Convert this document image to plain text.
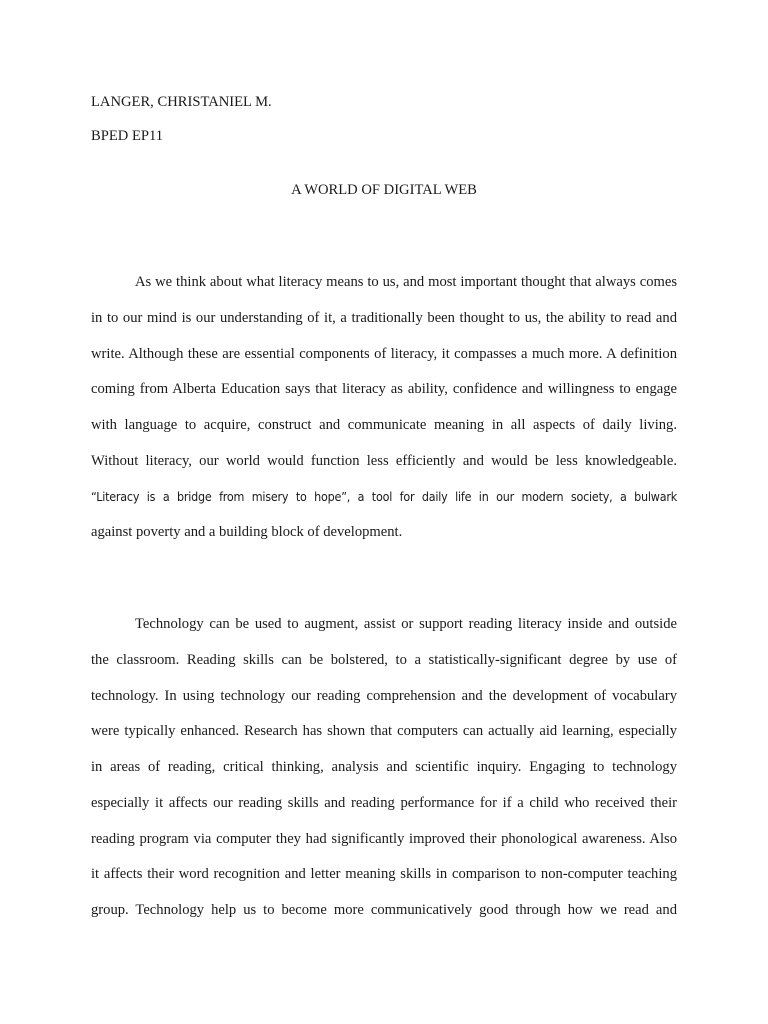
LANGER, CHRISTANIEL M.
BPED EP11
A WORLD OF DIGITAL WEB
As we think about what literacy means to us, and most important thought that always comes
in to our mind is our understanding of it, a traditionally been thought to us, the ability to read and
write. Although these are essential components of literacy, it compasses a much more. A definition
coming from Alberta Education says that literacy as ability, confidence and willingness to engage
with language to acquire, construct and communicate meaning in all aspects of daily living.
Without literacy, our world would function less efficiently and would be less knowledgeable.
“Literacy is a bridge from misery to hope”, a tool for daily life in our modern society, a bulwark
against poverty and a building block of development.
Technology can be used to augment, assist or support reading literacy inside and outside
the classroom. Reading skills can be bolstered, to a statistically-significant degree by use of
technology. In using technology our reading comprehension and the development of vocabulary
were typically enhanced. Research has shown that computers can actually aid learning, especially
in areas of reading, critical thinking, analysis and scientific inquiry. Engaging to technology
especially it affects our reading skills and reading performance for if a child who received their
reading program via computer they had significantly improved their phonological awareness. Also
it affects their word recognition and letter meaning skills in comparison to non-computer teaching
group. Technology help us to become more communicatively good through how we read and
